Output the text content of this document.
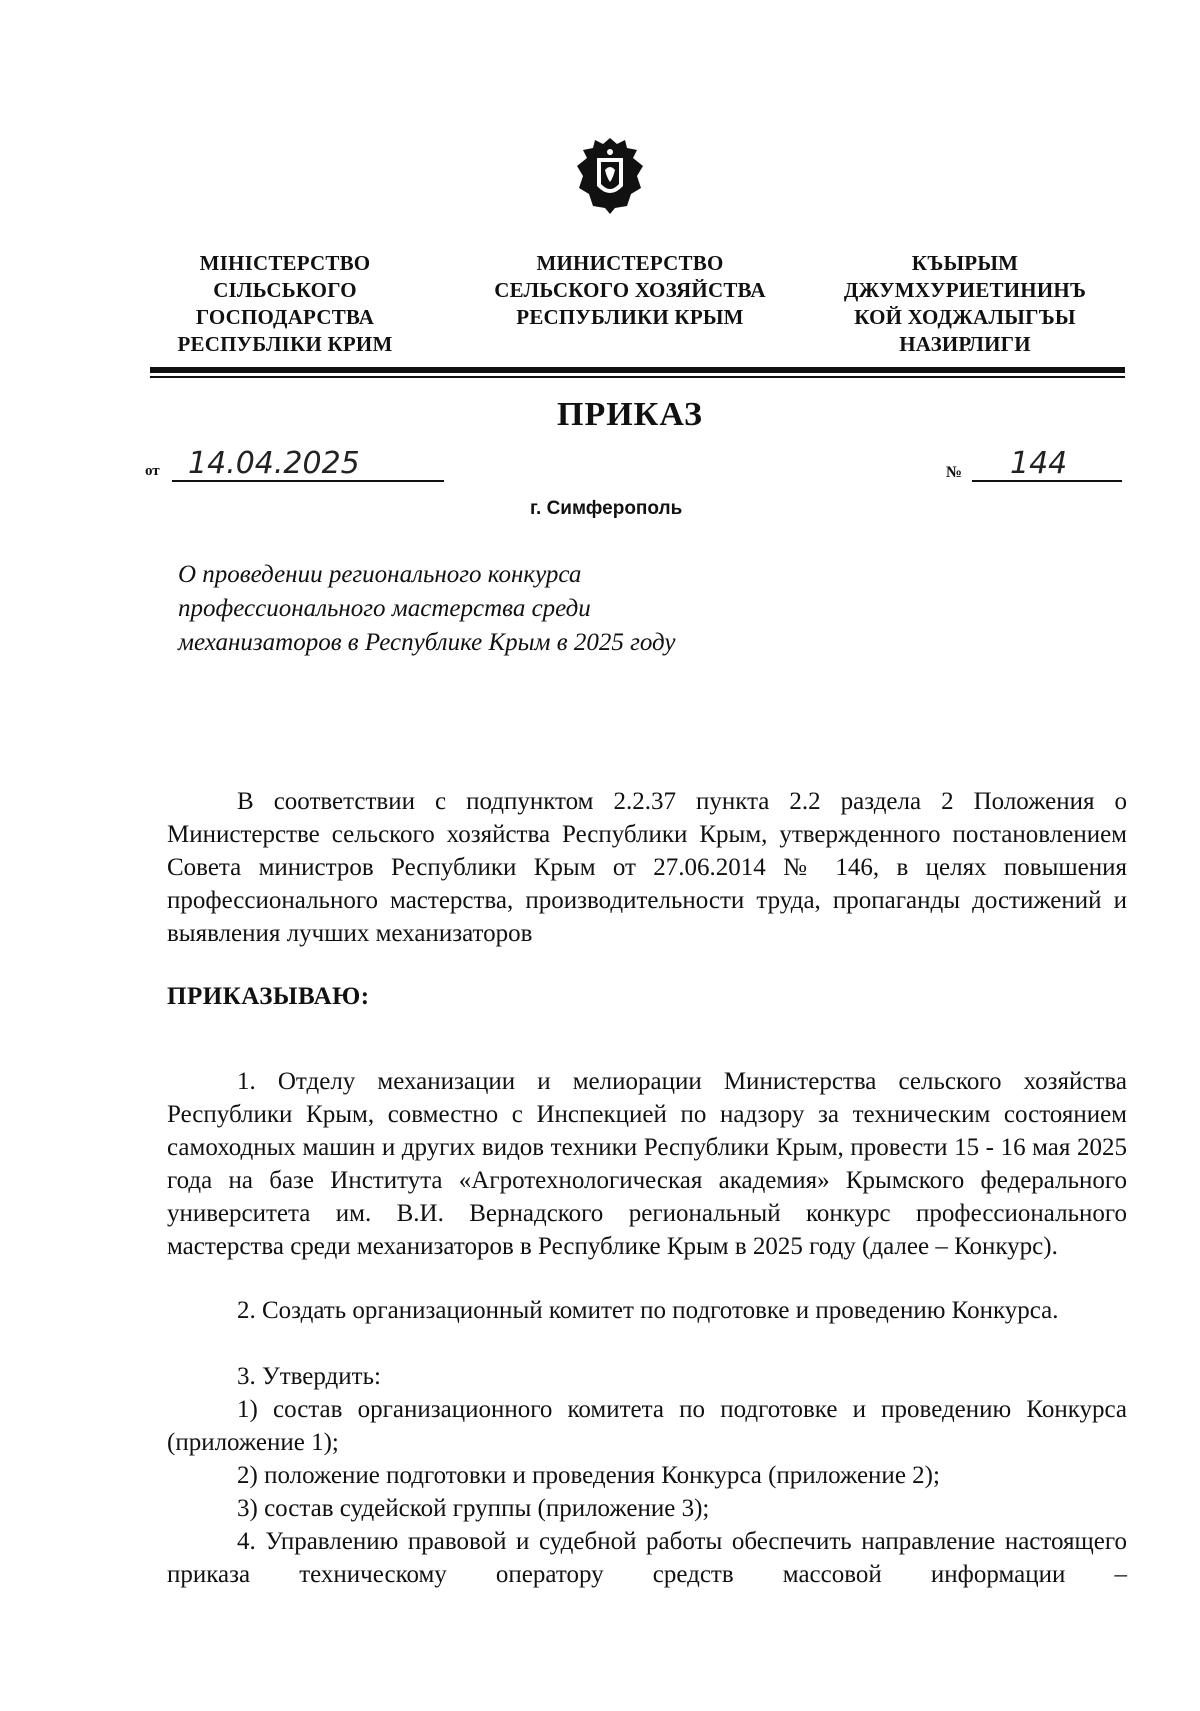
МІНІСТЕРСТВО
СІЛЬСЬКОГО
ГОСПОДАРСТВА
РЕСПУБЛІКИ КРИМ
МИНИСТЕРСТВО
СЕЛЬСКОГО ХОЗЯЙСТВА
РЕСПУБЛИКИ КРЫМ
КЪЫРЫМ
ДЖУМХУРИЕТИНИНЪ
КОЙ ХОДЖАЛЫГЪЫ
НАЗИРЛИГИ
ПРИКАЗ
от 14.04.2025	№	144
г. Симферополь
О проведении регионального конкурса профессионального мастерства среди механизаторов в Республике Крым в 2025 году
В соответствии с подпунктом 2.2.37 пункта 2.2 раздела 2 Положения о Министерстве сельского хозяйства Республики Крым, утвержденного постановлением Совета министров Республики Крым от 27.06.2014 № 146, в целях повышения профессионального мастерства, производительности труда, пропаганды достижений и выявления лучших механизаторов
ПРИКАЗЫВАЮ:
1. Отделу механизации и мелиорации Министерства сельского хозяйства Республики Крым, совместно с Инспекцией по надзору за техническим состоянием самоходных машин и других видов техники Республики Крым, провести 15 - 16 мая 2025 года на базе Института «Агротехнологическая академия» Крымского федерального университета им. В.И. Вернадского региональный конкурс профессионального мастерства среди механизаторов в Республике Крым в 2025 году (далее – Конкурс).
2. Создать организационный комитет по подготовке и проведению Конкурса.
3. Утвердить:
1) состав организационного комитета по подготовке и проведению Конкурса (приложение 1);
2) положение подготовки и проведения Конкурса (приложение 2);
3) состав судейской группы (приложение 3);
4. Управлению правовой и судебной работы обеспечить направление настоящего приказа техническому оператору средств массовой информации –
